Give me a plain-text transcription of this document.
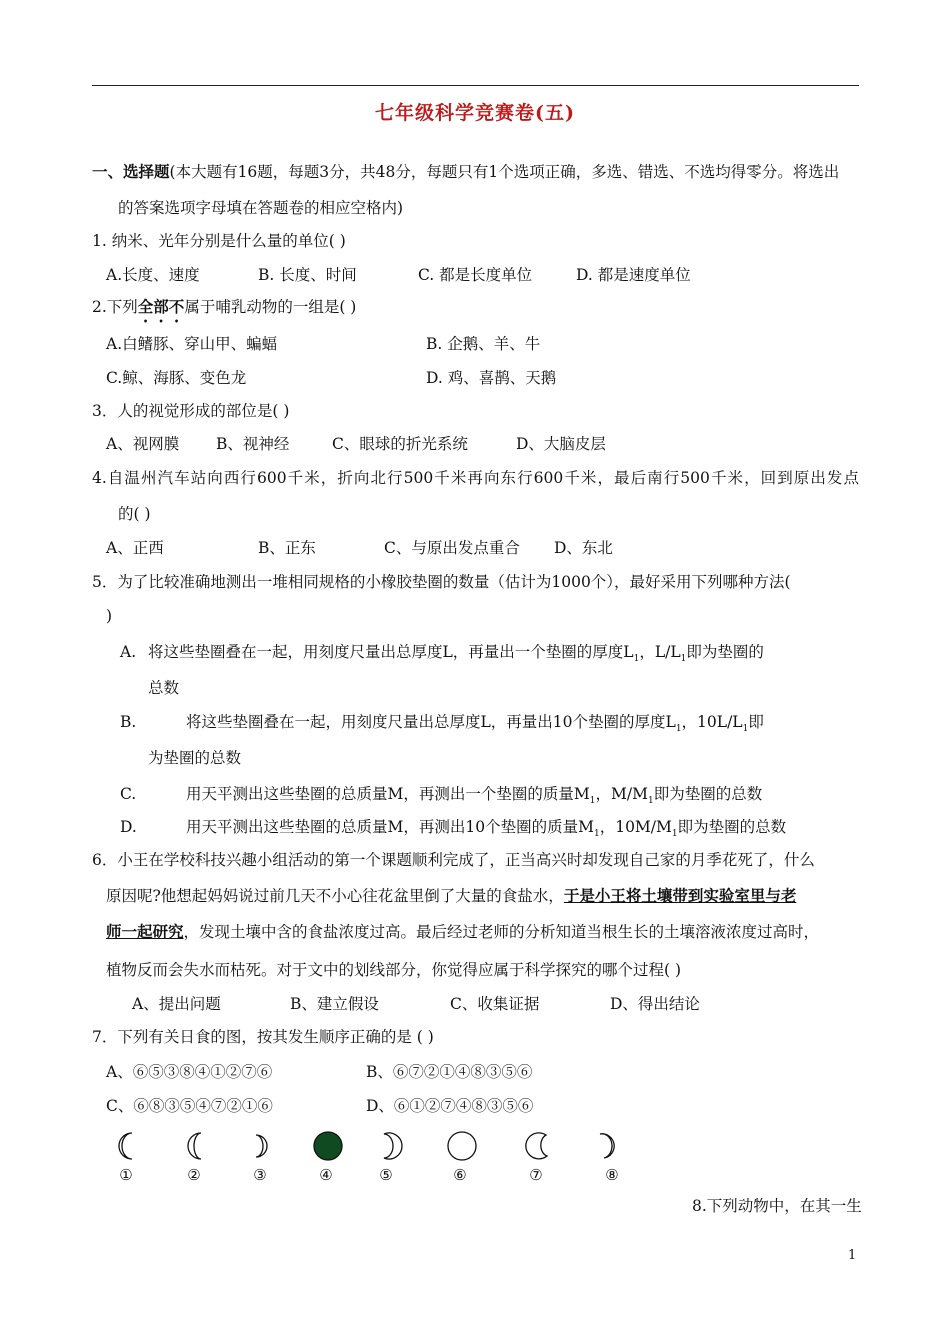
七年级科学竞赛卷(五)
一、选择题(本大题有16题，每题3分，共48分，每题只有1个选项正确，多选、错选、不选均得零分。将选出
的答案选项字母填在答题卷的相应空格内)
1. 纳米、光年分别是什么量的单位( )
A.长度、速度	B. 长度、时间	C. 都是长度单位	D. 都是速度单位
2.下列全部不属于哺乳动物的一组是( )
A.白鳍豚、穿山甲、蝙蝠	B. 企鹅、羊、牛
C.鲸、海豚、变色龙	D. 鸡、喜鹊、天鹅
3．人的视觉形成的部位是( )
A、视网膜 B、视神经	C、眼球的折光系统	D、大脑皮层
4.自温州汽车站向西行600千米，折向北行500千米再向东行600千米，最后南行500千米，回到原出发点
的( )
A、正西	B、正东	C、与原出发点重合 D、东北
5．为了比较准确地测出一堆相同规格的小橡胶垫圈的数量（估计为1000个），最好采用下列哪种方法(
)
A. 将这些垫圈叠在一起，用刻度尺量出总厚度L，再量出一个垫圈的厚度$L_1$，$L/L_1$即为垫圈的
总数
B.	将这些垫圈叠在一起，用刻度尺量出总厚度L，再量出10个垫圈的厚度$L_1$，$10L/L_1$即
为垫圈的总数
C.	用天平测出这些垫圈的总质量M，再测出一个垫圈的质量$M_1$，$M/M_1$即为垫圈的总数
D.	用天平测出这些垫圈的总质量M，再测出10个垫圈的质量$M_1$，$10M/M_1$即为垫圈的总数
6．小王在学校科技兴趣小组活动的第一个课题顺利完成了，正当高兴时却发现自己家的月季花死了，什么
原因呢?他想起妈妈说过前几天不小心往花盆里倒了大量的食盐水，于是小王将土壤带到实验室里与老
师一起研究，发现土壤中含的食盐浓度过高。最后经过老师的分析知道当根生长的土壤溶液浓度过高时，
植物反而会失水而枯死。对于文中的划线部分，你觉得应属于科学探究的哪个过程( )
A、提出问题	B、建立假设	C、收集证据	D、得出结论
7．下列有关日食的图，按其发生顺序正确的是 ( )
A、⑥⑤③⑧④①②⑦⑥	B、⑥⑦②①④⑧③⑤⑥
C、⑥⑧③⑤④⑦②①⑥	D、⑥①②⑦④⑧③⑤⑥
①	②	③	④	⑤	⑥	⑦	⑧
8.下列动物中，在其一生
1
